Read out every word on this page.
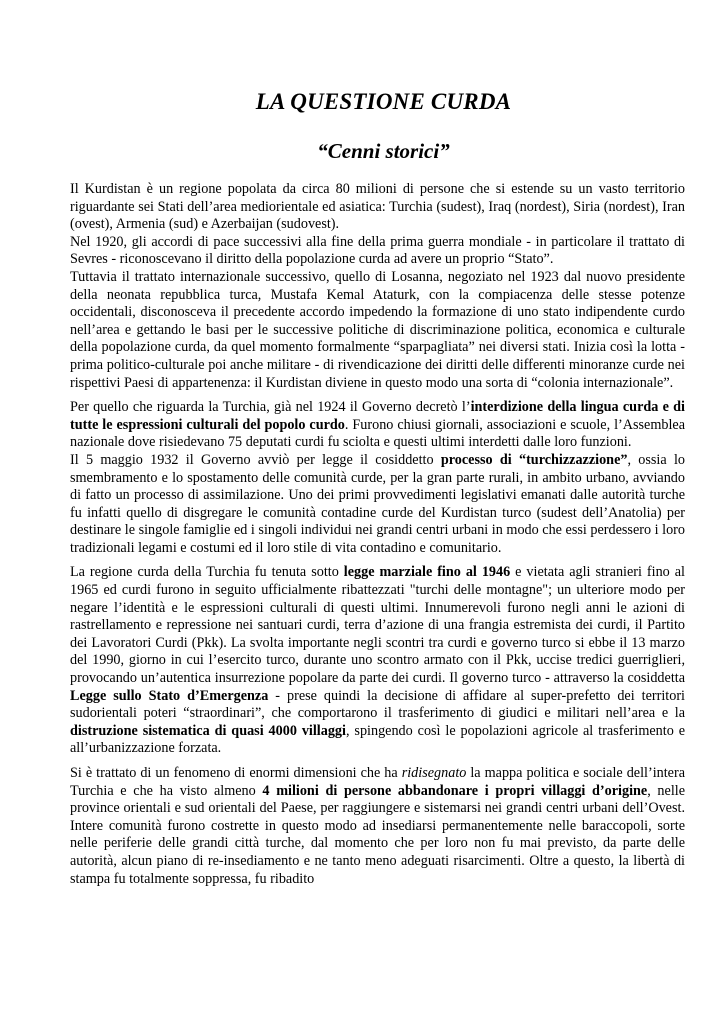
LA QUESTIONE CURDA
“Cenni storici”

Il Kurdistan è un regione popolata da circa 80 milioni di persone che si estende su un vasto territorio riguardante sei Stati dell’area mediorientale ed asiatica: Turchia (sudest), Iraq (nordest), Siria (nordest), Iran (ovest), Armenia (sud) e Azerbaijan (sudovest).

Nel 1920, gli accordi di pace successivi alla fine della prima guerra mondiale - in particolare il trattato di Sevres - riconoscevano il diritto della popolazione curda ad avere un proprio “Stato”.

Tuttavia il trattato internazionale successivo, quello di Losanna, negoziato nel 1923 dal nuovo presidente della neonata repubblica turca, Mustafa Kemal Ataturk, con la compiacenza delle stesse potenze occidentali, disconosceva il precedente accordo impedendo la formazione di uno stato indipendente curdo nell’area e gettando le basi per le successive politiche di discriminazione politica, economica e culturale della popolazione curda, da quel momento formalmente “sparpagliata” nei diversi stati. Inizia così la lotta - prima politico-culturale poi anche militare - di rivendicazione dei diritti delle differenti minoranze curde nei rispettivi Paesi di appartenenza: il Kurdistan diviene in questo modo una sorta di “colonia internazionale”.

Per quello che riguarda la Turchia, già nel 1924 il Governo decretò l’interdizione della lingua curda e di tutte le espressioni culturali del popolo curdo. Furono chiusi giornali, associazioni e scuole, l’Assemblea nazionale dove risiedevano 75 deputati curdi fu sciolta e questi ultimi interdetti dalle loro funzioni.

Il 5 maggio 1932 il Governo avviò per legge il cosiddetto processo di “turchizzazzione”, ossia lo smembramento e lo spostamento delle comunità curde, per la gran parte rurali, in ambito urbano, avviando di fatto un processo di assimilazione. Uno dei primi provvedimenti legislativi emanati dalle autorità turche fu infatti quello di disgregare le comunità contadine curde del Kurdistan turco (sudest dell’Anatolia) per destinare le singole famiglie ed i singoli individui nei grandi centri urbani in modo che essi perdessero i loro tradizionali legami e costumi ed il loro stile di vita contadino e comunitario.

La regione curda della Turchia fu tenuta sotto legge marziale fino al 1946 e vietata agli stranieri fino al 1965 ed curdi furono in seguito ufficialmente ribattezzati "turchi delle montagne"; un ulteriore modo per negare l’identità e le espressioni culturali di questi ultimi. Innumerevoli furono negli anni le azioni di rastrellamento e repressione nei santuari curdi, terra d’azione di una frangia estremista dei curdi, il Partito dei Lavoratori Curdi (Pkk). La svolta importante negli scontri tra curdi e governo turco si ebbe il 13 marzo del 1990, giorno in cui l’esercito turco, durante uno scontro armato con il Pkk, uccise tredici guerriglieri, provocando un’autentica insurrezione popolare da parte dei curdi. Il governo turco - attraverso la cosiddetta Legge sullo Stato d’Emergenza - prese quindi la decisione di affidare al super-prefetto dei territori sudorientali poteri “straordinari”, che comportarono il trasferimento di giudici e militari nell’area e la distruzione sistematica di quasi 4000 villaggi, spingendo così le popolazioni agricole al trasferimento e all’urbanizzazione forzata.

Si è trattato di un fenomeno di enormi dimensioni che ha ridisegnato la mappa politica e sociale dell’intera Turchia e che ha visto almeno 4 milioni di persone abbandonare i propri villaggi d’origine, nelle province orientali e sud orientali del Paese, per raggiungere e sistemarsi nei grandi centri urbani dell’Ovest. Intere comunità furono costrette in questo modo ad insediarsi permanentemente nelle baraccopoli, sorte nelle periferie delle grandi città turche, dal momento che per loro non fu mai previsto, da parte delle autorità, alcun piano di re-insediamento e ne tanto meno adeguati risarcimenti. Oltre a questo, la libertà di stampa fu totalmente soppressa, fu ribadito
